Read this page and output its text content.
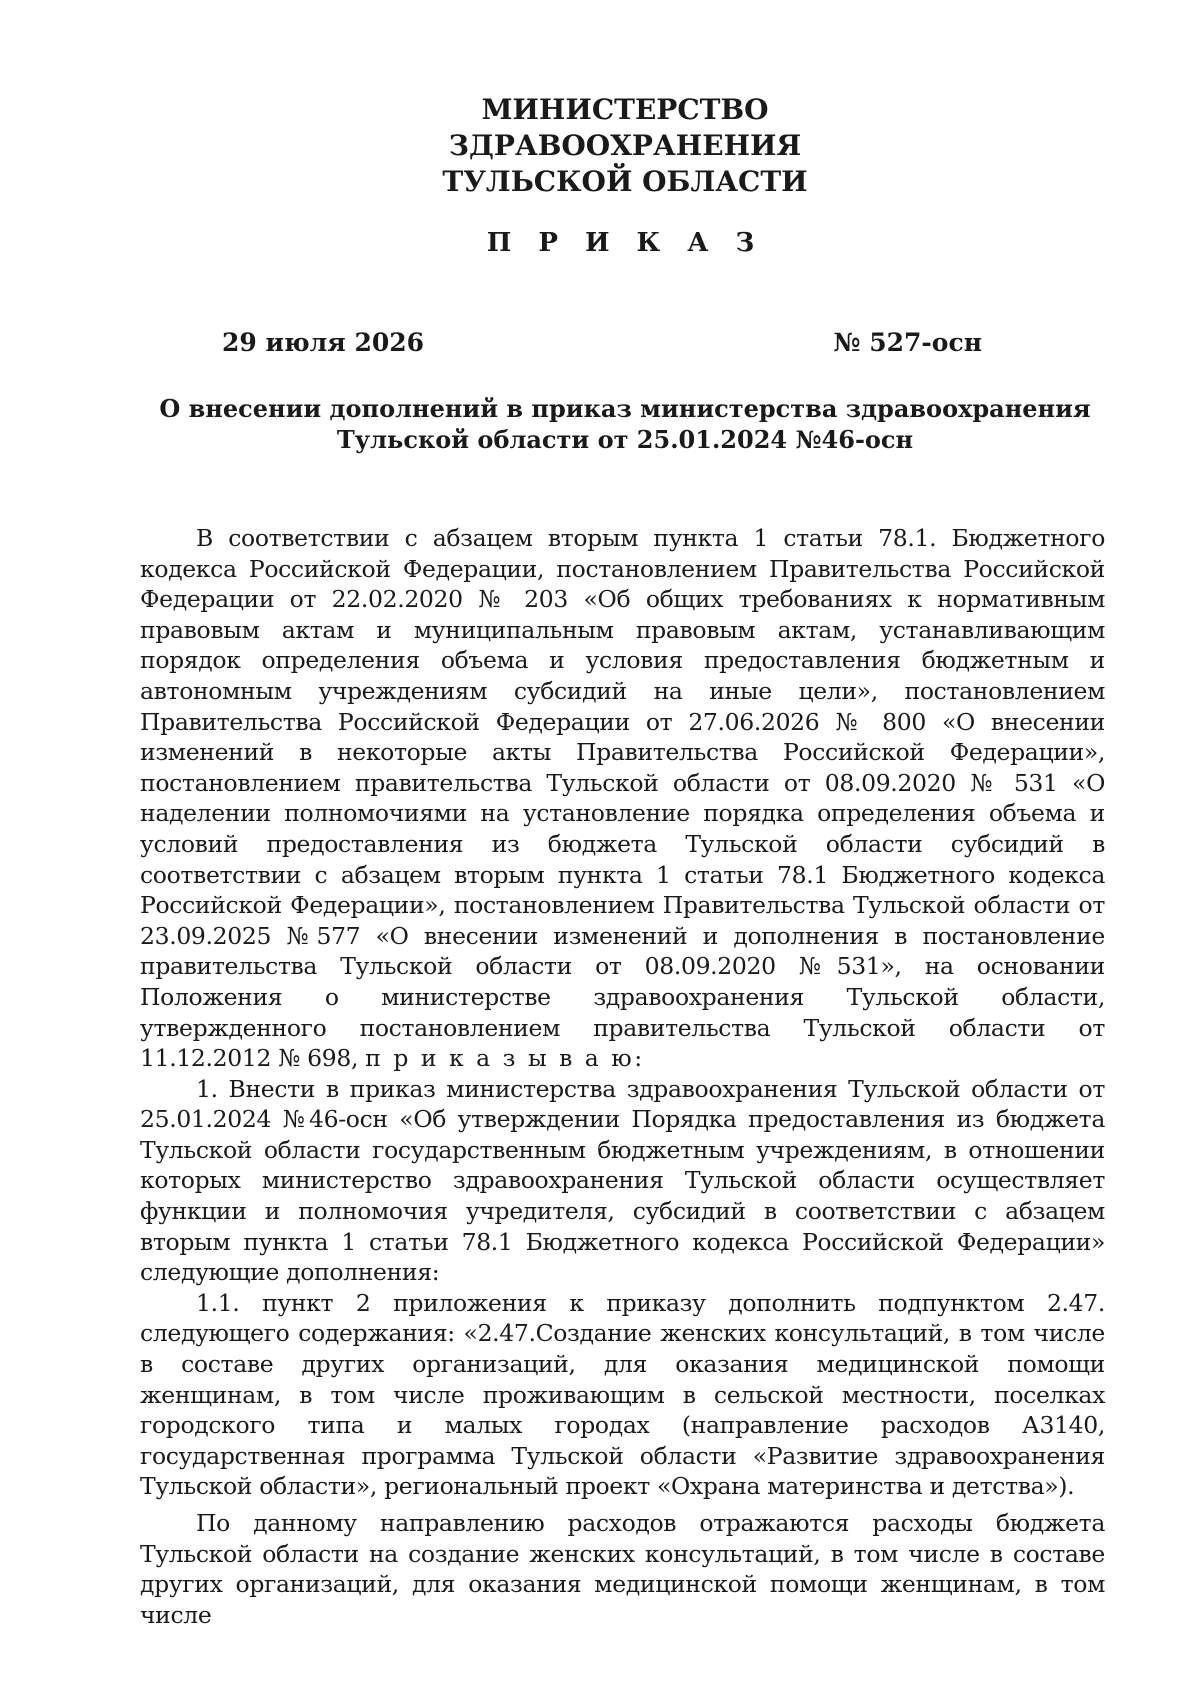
МИНИСТЕРСТВО
ЗДРАВООХРАНЕНИЯ
ТУЛЬСКОЙ ОБЛАСТИ
П Р И К А З
29 июля 2026	№ 527-осн
О внесении дополнений в приказ министерства здравоохранения
Тульской области от 25.01.2024 №46-осн

В соответствии с абзацем вторым пункта 1 статьи 78.1. Бюджетного кодекса Российской Федерации, постановлением Правительства Российской Федерации от 22.02.2020 № 203 «Об общих требованиях к нормативным правовым актам и муниципальным правовым актам, устанавливающим порядок определения объема и условия предоставления бюджетным и автономным учреждениям субсидий на иные цели», постановлением Правительства Российской Федерации от 27.06.2026 № 800 «О внесении изменений в некоторые акты Правительства Российской Федерации», постановлением правительства Тульской области от 08.09.2020 № 531 «О наделении полномочиями на установление порядка определения объема и условий предоставления из бюджета Тульской области субсидий в соответствии с абзацем вторым пункта 1 статьи 78.1 Бюджетного кодекса Российской Федерации», постановлением Правительства Тульской области от 23.09.2025 №577 «О внесении изменений и дополнения в постановление правительства Тульской области от 08.09.2020 №531», на основании Положения о министерстве здравоохранения Тульской области, утвержденного постановлением правительства Тульской области от 11.12.2012 № 698, п р и к а з ы в а ю:

1. Внести в приказ министерства здравоохранения Тульской области от 25.01.2024 №46-осн «Об утверждении Порядка предоставления из бюджета Тульской области государственным бюджетным учреждениям, в отношении которых министерство здравоохранения Тульской области осуществляет функции и полномочия учредителя, субсидий в соответствии с абзацем вторым пункта 1 статьи 78.1 Бюджетного кодекса Российской Федерации» следующие дополнения:

1.1. пункт 2 приложения к приказу дополнить подпунктом 2.47. следующего содержания: «2.47.Создание женских консультаций, в том числе в составе других организаций, для оказания медицинской помощи женщинам, в том числе проживающим в сельской местности, поселках городского типа и малых городах (направление расходов А3140, государственная программа Тульской области «Развитие здравоохранения Тульской области», региональный проект «Охрана материнства и детства»).

По данному направлению расходов отражаются расходы бюджета Тульской области на создание женских консультаций, в том числе в составе других организаций, для оказания медицинской помощи женщинам, в том числе
